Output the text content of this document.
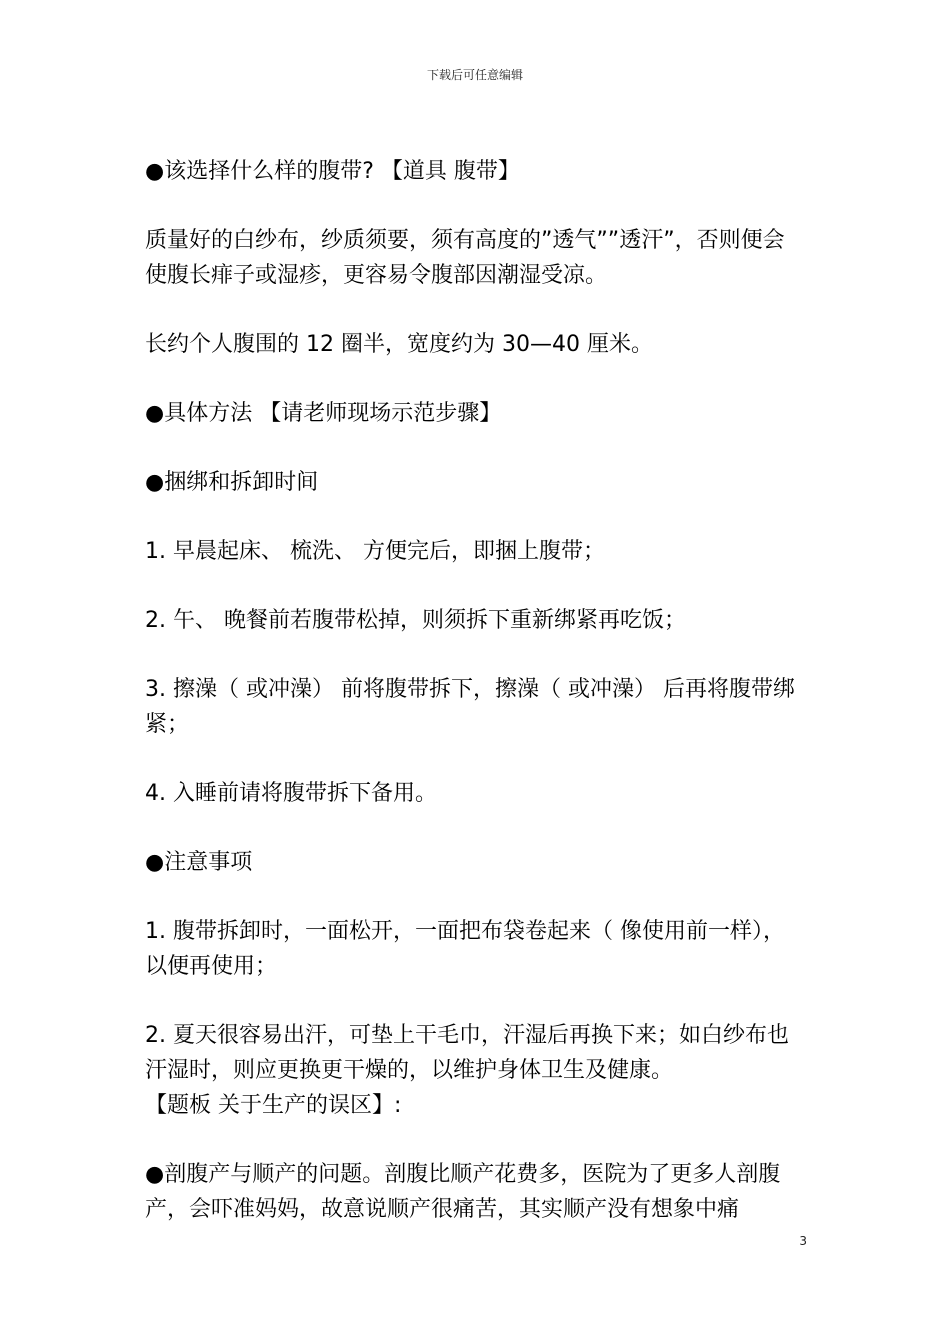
下载后可任意编辑

●该选择什么样的腹带? 【道具 腹带】

质量好的白纱布，纱质须要，须有高度的”透气””透汗”，否则便会使腹长痱子或湿疹，更容易令腹部因潮湿受凉。

长约个人腹围的 12 圈半，宽度约为 30—40 厘米。

●具体方法 【请老师现场示范步骤】

●捆绑和拆卸时间

1. 早晨起床、 梳洗、 方便完后，即捆上腹带；

2. 午、 晚餐前若腹带松掉，则须拆下重新绑紧再吃饭；

3. 擦澡（ 或冲澡） 前将腹带拆下，擦澡（ 或冲澡） 后再将腹带绑紧；

4. 入睡前请将腹带拆下备用。

●注意事项

1. 腹带拆卸时，一面松开，一面把布袋卷起来（ 像使用前一样），以便再使用；

2. 夏天很容易出汗，可垫上干毛巾，汗湿后再换下来；如白纱布也汗湿时，则应更换更干燥的，以维护身体卫生及健康。

【题板 关于生产的误区】:

●剖腹产与顺产的问题。剖腹比顺产花费多，医院为了更多人剖腹产，会吓准妈妈，故意说顺产很痛苦，其实顺产没有想象中痛

3
